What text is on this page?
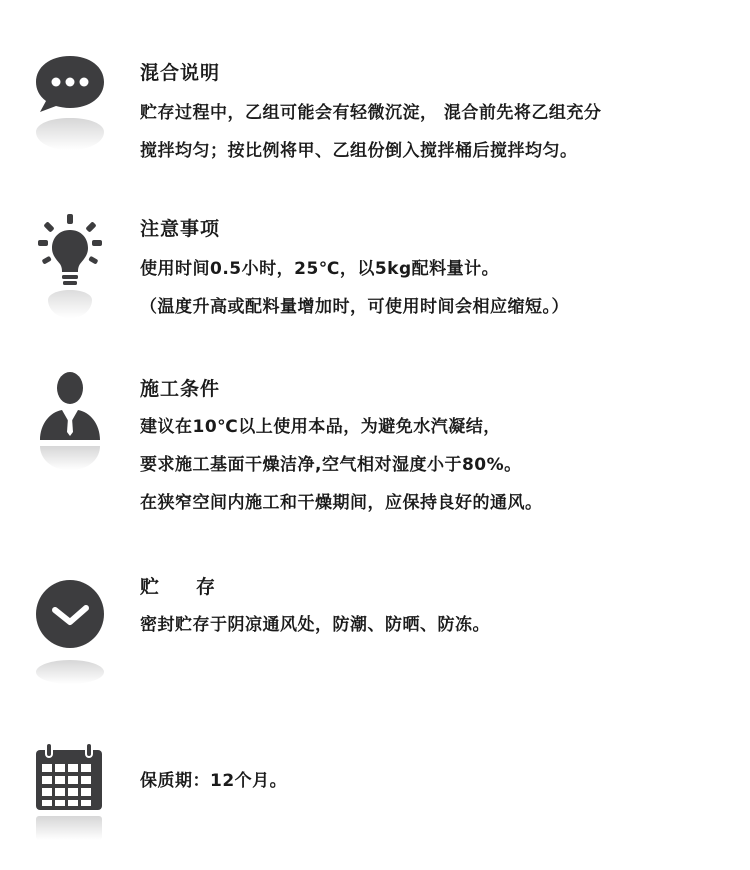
混合说明
贮存过程中，乙组可能会有轻微沉淀， 混合前先将乙组充分
搅拌均匀；按比例将甲、乙组份倒入搅拌桶后搅拌均匀。
注意事项
使用时间0.5小时，25℃，以5kg配料量计。
（温度升高或配料量增加时，可使用时间会相应缩短。）
施工条件
建议在10℃以上使用本品，为避免水汽凝结，
要求施工基面干燥洁净,空气相对湿度小于80%。
在狭窄空间内施工和干燥期间，应保持良好的通风。
贮 存
密封贮存于阴凉通风处，防潮、防晒、防冻。
保质期：12个月。
